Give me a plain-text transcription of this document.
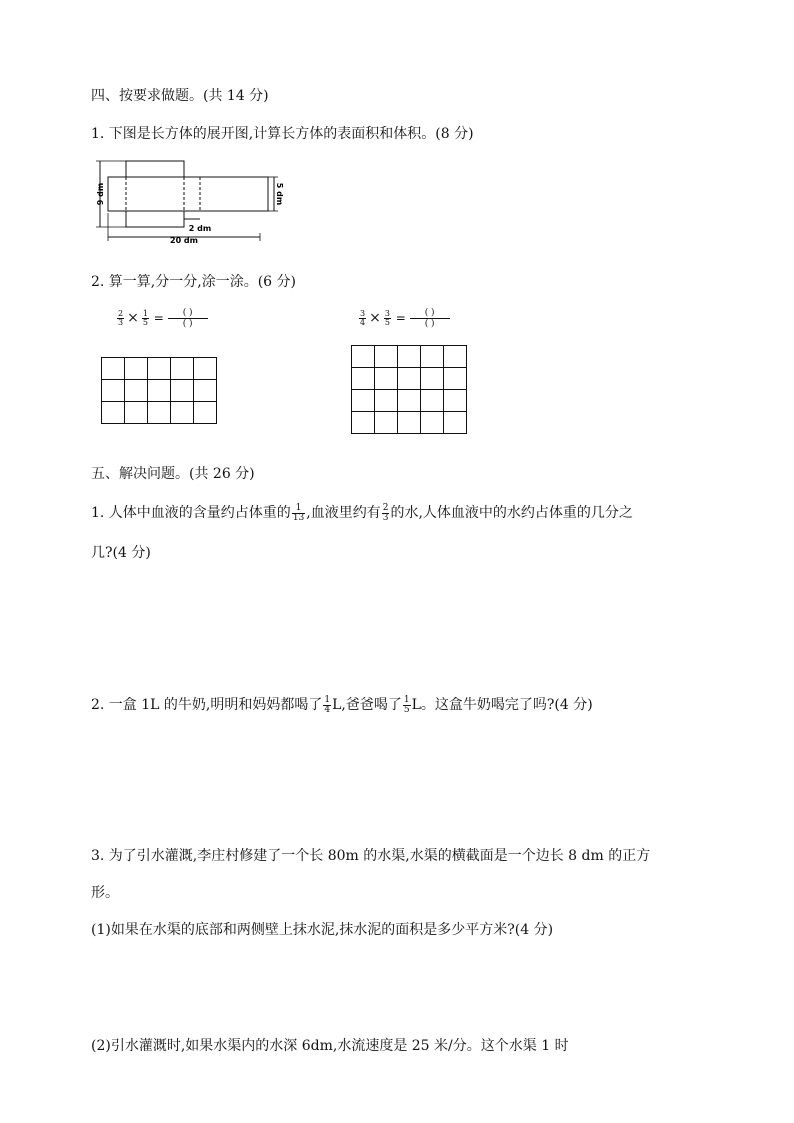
四、按要求做题。(共 14 分)
1. 下图是长方体的展开图,计算长方体的表面积和体积。(8 分)
9 dm	5 dm
2 dm
20 dm
2. 算一算,分一分,涂一涂。(6 分)
$\frac{2}{3} \times \frac{1}{5}$ =	( )
( )	$\frac{3}{4} \times \frac{3}{5}$ =	( )
( )

五、解决问题。(共 26 分)
1. 人体中血液的含量约占体重的 $\frac{1}{13}$ ,血液里约有 $\frac{2}{3}$ 的水,人体血液中的水约占体重的几分之
几?(4 分)
2. 一盒 1L 的牛奶,明明和妈妈都喝了 $\frac{1}{4} L$,爸爸喝了 $\frac{1}{5}$ L。这盒牛奶喝完了吗?(4 分)
3. 为了引水灌溉,李庄村修建了一个长 80m 的水渠,水渠的横截面是一个边长 8 dm 的正方
形。
(1)如果在水渠的底部和两侧壁上抹水泥,抹水泥的面积是多少平方米?(4 分)
(2)引水灌溉时,如果水渠内的水深 6dm,水流速度是 25 米/分。这个水渠 1 时
